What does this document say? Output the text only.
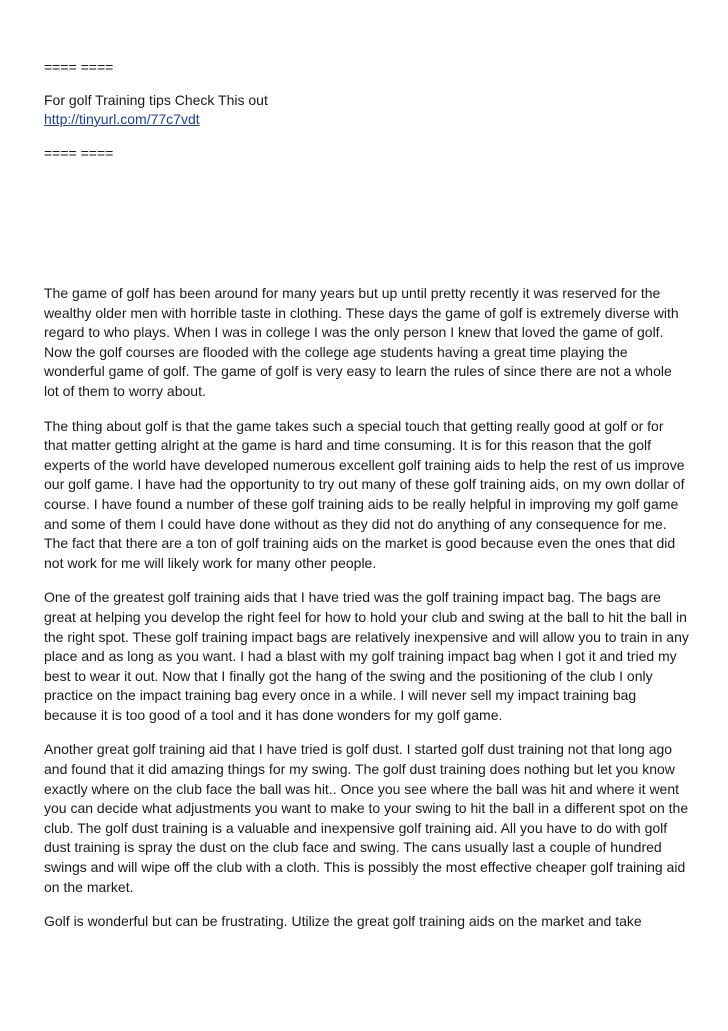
==== ====

For golf Training tips Check This out

http://tinyurl.com/77c7vdt

==== ====

The game of golf has been around for many years but up until pretty recently it was reserved for the wealthy older men with horrible taste in clothing. These days the game of golf is extremely diverse with regard to who plays. When I was in college I was the only person I knew that loved the game of golf. Now the golf courses are flooded with the college age students having a great time playing the wonderful game of golf. The game of golf is very easy to learn the rules of since there are not a whole lot of them to worry about.

The thing about golf is that the game takes such a special touch that getting really good at golf or for that matter getting alright at the game is hard and time consuming. It is for this reason that the golf experts of the world have developed numerous excellent golf training aids to help the rest of us improve our golf game. I have had the opportunity to try out many of these golf training aids, on my own dollar of course. I have found a number of these golf training aids to be really helpful in improving my golf game and some of them I could have done without as they did not do anything of any consequence for me. The fact that there are a ton of golf training aids on the market is good because even the ones that did not work for me will likely work for many other people.

One of the greatest golf training aids that I have tried was the golf training impact bag. The bags are great at helping you develop the right feel for how to hold your club and swing at the ball to hit the ball in the right spot. These golf training impact bags are relatively inexpensive and will allow you to train in any place and as long as you want. I had a blast with my golf training impact bag when I got it and tried my best to wear it out. Now that I finally got the hang of the swing and the positioning of the club I only practice on the impact training bag every once in a while. I will never sell my impact training bag because it is too good of a tool and it has done wonders for my golf game.

Another great golf training aid that I have tried is golf dust. I started golf dust training not that long ago and found that it did amazing things for my swing. The golf dust training does nothing but let you know exactly where on the club face the ball was hit.. Once you see where the ball was hit and where it went you can decide what adjustments you want to make to your swing to hit the ball in a different spot on the club. The golf dust training is a valuable and inexpensive golf training aid. All you have to do with golf dust training is spray the dust on the club face and swing. The cans usually last a couple of hundred swings and will wipe off the club with a cloth. This is possibly the most effective cheaper golf training aid on the market.

Golf is wonderful but can be frustrating. Utilize the great golf training aids on the market and take
